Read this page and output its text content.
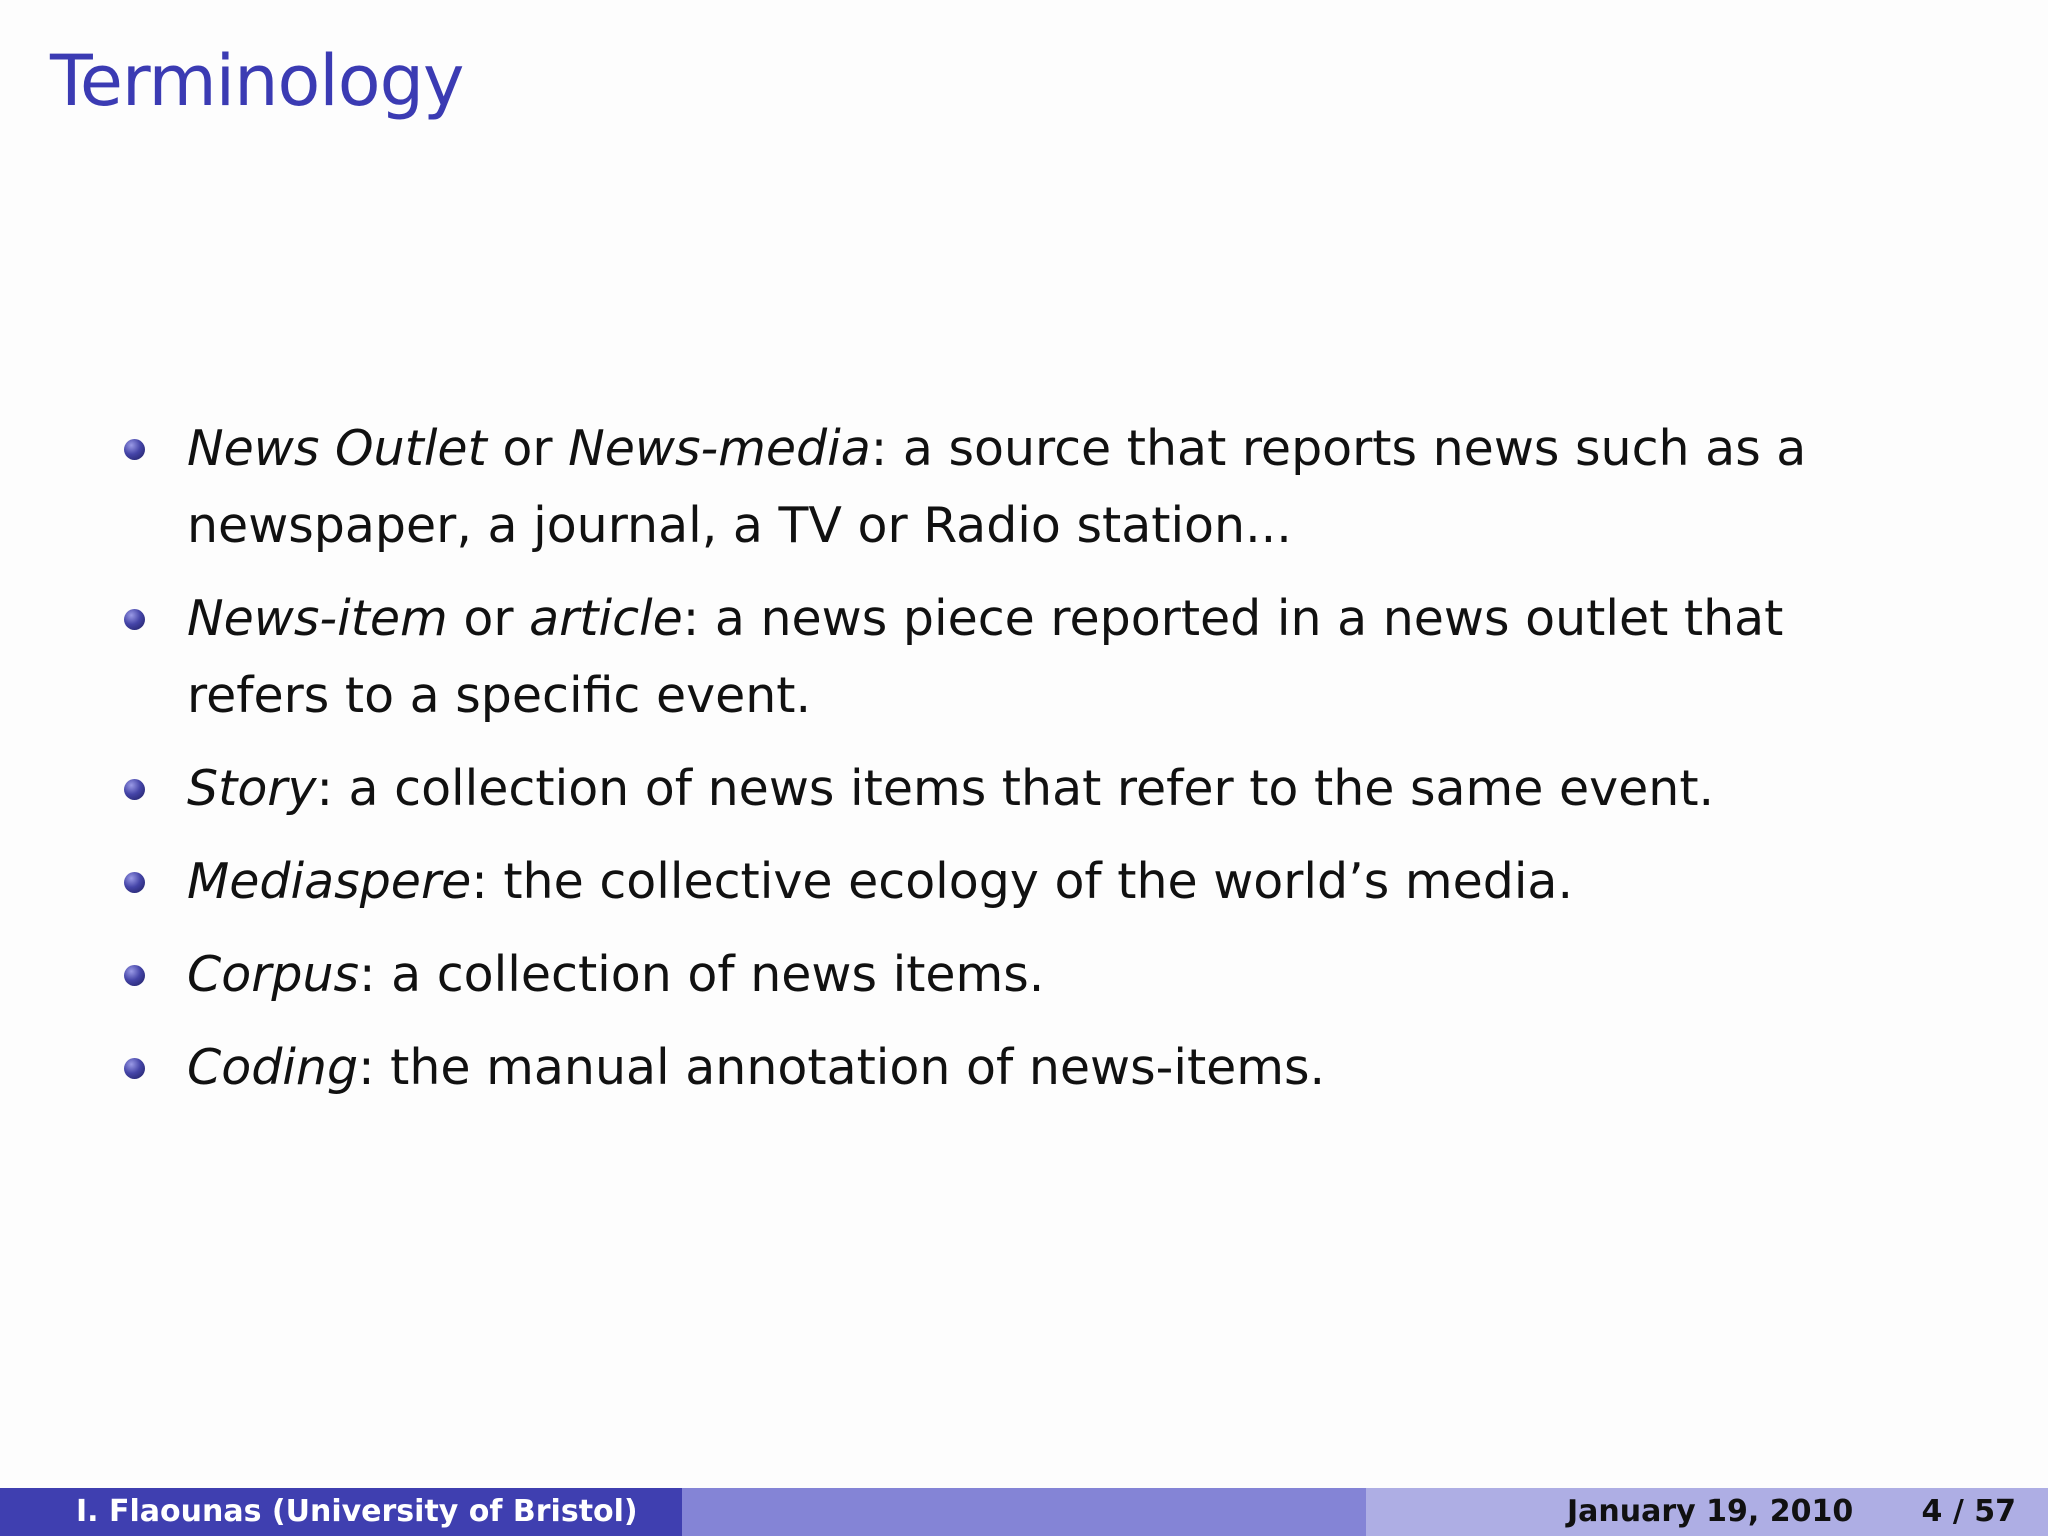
Terminology
News Outlet or News-media: a source that reports news such as a newspaper, a journal, a TV or Radio station...
News-item or article: a news piece reported in a news outlet that refers to a specific event.
Story: a collection of news items that refer to the same event.
Mediaspere: the collective ecology of the world’s media.
Corpus: a collection of news items.
Coding: the manual annotation of news-items.
I. Flaounas (University of Bristol)	January 19, 2010 4 / 57
